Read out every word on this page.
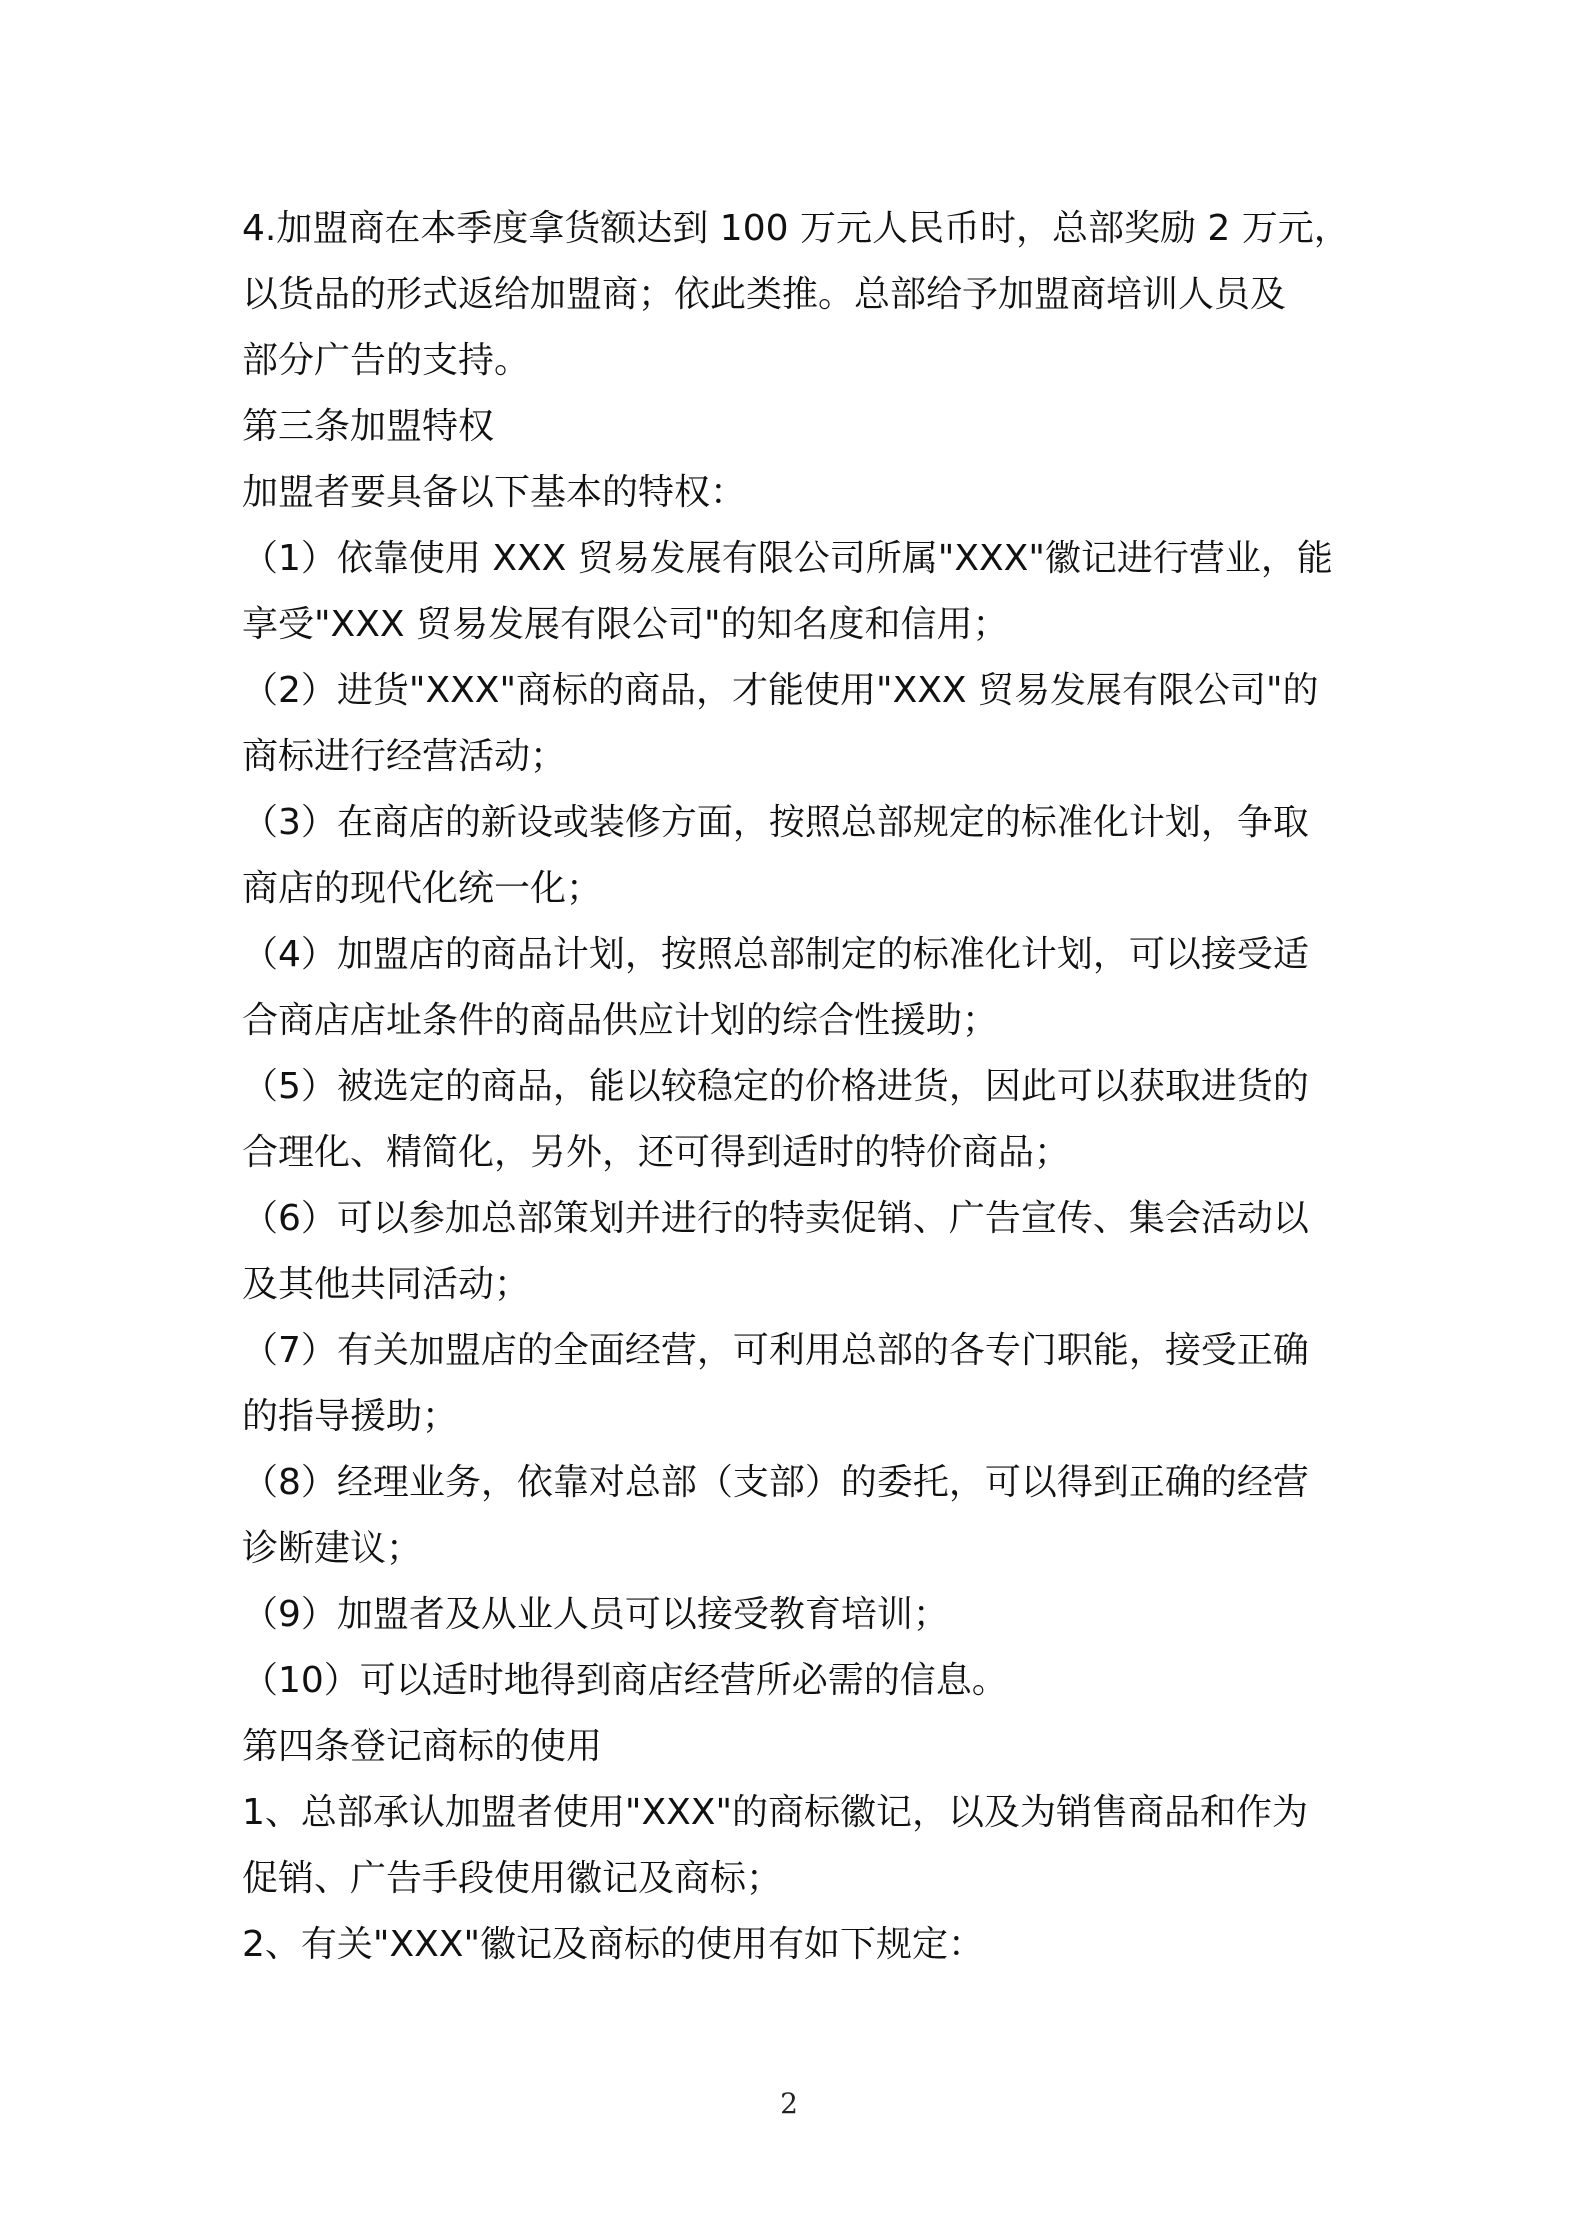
4.加盟商在本季度拿货额达到 100 万元人民币时，总部奖励 2 万元，
以货品的形式返给加盟商；依此类推。总部给予加盟商培训人员及
部分广告的支持。
第三条加盟特权
加盟者要具备以下基本的特权：
（1）依靠使用 XXX 贸易发展有限公司所属"XXX"徽记进行营业，能
享受"XXX 贸易发展有限公司"的知名度和信用；
（2）进货"XXX"商标的商品，才能使用"XXX 贸易发展有限公司"的
商标进行经营活动；
（3）在商店的新设或装修方面，按照总部规定的标准化计划，争取
商店的现代化统一化；
（4）加盟店的商品计划，按照总部制定的标准化计划，可以接受适
合商店店址条件的商品供应计划的综合性援助；
（5）被选定的商品，能以较稳定的价格进货，因此可以获取进货的
合理化、精简化，另外，还可得到适时的特价商品；
（6）可以参加总部策划并进行的特卖促销、广告宣传、集会活动以
及其他共同活动；
（7）有关加盟店的全面经营，可利用总部的各专门职能，接受正确
的指导援助；
（8）经理业务，依靠对总部（支部）的委托，可以得到正确的经营
诊断建议；
（9）加盟者及从业人员可以接受教育培训；
（10）可以适时地得到商店经营所必需的信息。
第四条登记商标的使用
1、总部承认加盟者使用"XXX"的商标徽记，以及为销售商品和作为
促销、广告手段使用徽记及商标；
2、有关"XXX"徽记及商标的使用有如下规定：
2
